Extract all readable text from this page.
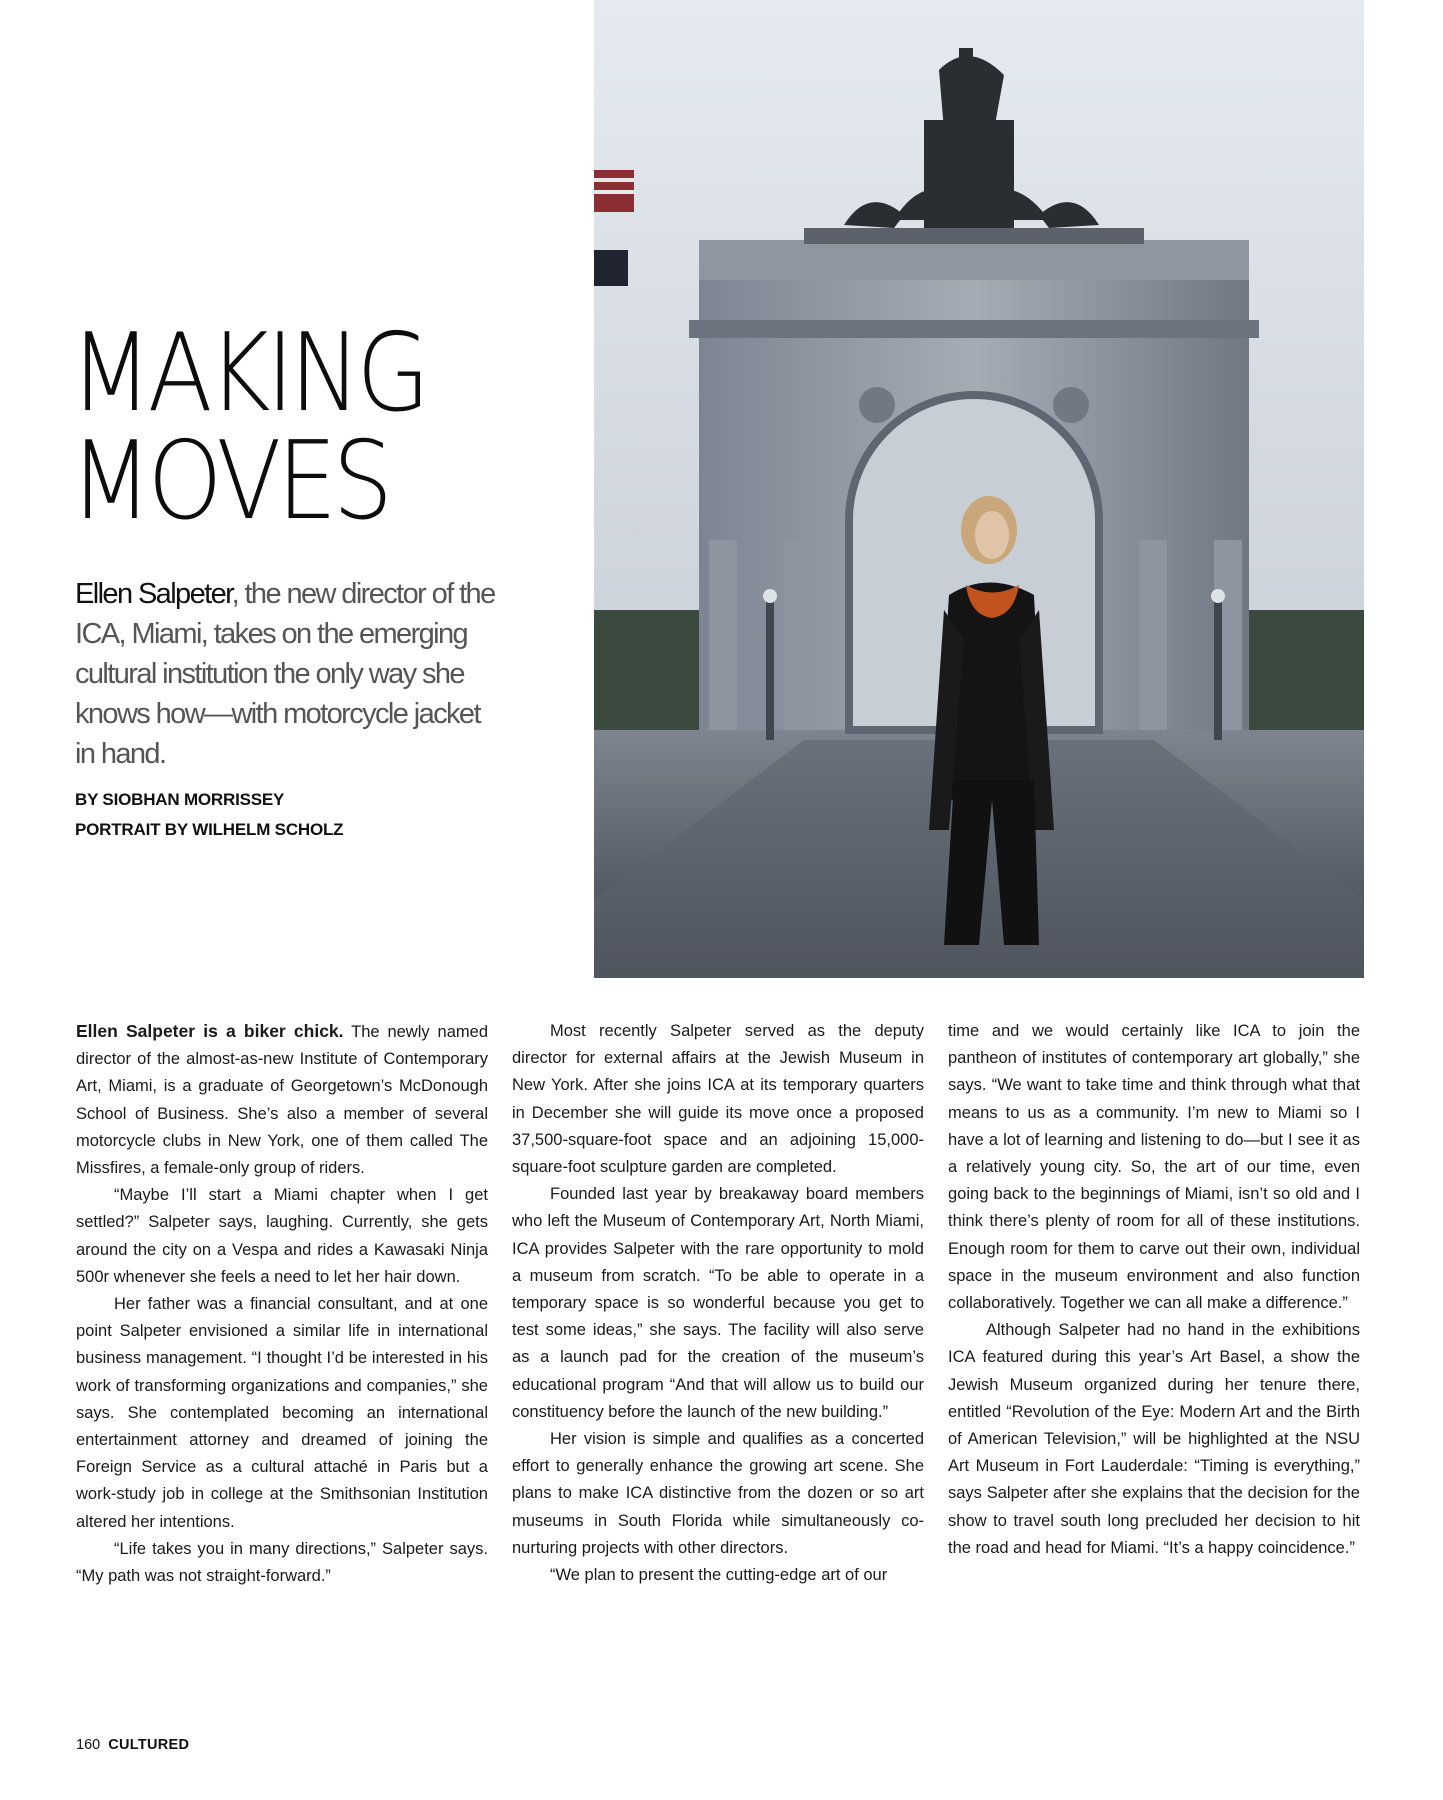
MAKING
MOVES

Ellen Salpeter, the new director of the ICA, Miami, takes on the emerging cultural institution the only way she knows how—with motorcycle jacket in hand.

BY SIOBHAN MORRISSEY
PORTRAIT BY WILHELM SCHOLZ

Ellen Salpeter is a biker chick. The newly named director of the almost-as-new Institute of Contemporary Art, Miami, is a graduate of Georgetown’s McDonough School of Business. She’s also a member of several motorcycle clubs in New York, one of them called The Missfires, a female-only group of riders.

“Maybe I’ll start a Miami chapter when I get settled?” Salpeter says, laughing. Currently, she gets around the city on a Vespa and rides a Kawasaki Ninja 500r whenever she feels a need to let her hair down.

Her father was a financial consultant, and at one point Salpeter envisioned a similar life in international business management. “I thought I’d be interested in his work of transforming organizations and companies,” she says. She contemplated becoming an international entertainment attorney and dreamed of joining the Foreign Service as a cultural attaché in Paris but a work-study job in college at the Smithsonian Institution altered her intentions.

“Life takes you in many directions,” Salpeter says. “My path was not straight-forward.”

Most recently Salpeter served as the deputy director for external affairs at the Jewish Museum in New York. After she joins ICA at its temporary quarters in December she will guide its move once a proposed 37,500-square-foot space and an adjoining 15,000-square-foot sculpture garden are completed.

Founded last year by breakaway board members who left the Museum of Contemporary Art, North Miami, ICA provides Salpeter with the rare opportunity to mold a museum from scratch. “To be able to operate in a temporary space is so wonderful because you get to test some ideas,” she says. The facility will also serve as a launch pad for the creation of the museum’s educational program “And that will allow us to build our constituency before the launch of the new building.”

Her vision is simple and qualifies as a concerted effort to generally enhance the growing art scene. She plans to make ICA distinctive from the dozen or so art museums in South Florida while simultaneously co-nurturing projects with other directors.

“We plan to present the cutting-edge art of our

time and we would certainly like ICA to join the pantheon of institutes of contemporary art globally,” she says. “We want to take time and think through what that means to us as a community. I’m new to Miami so I have a lot of learning and listening to do—but I see it as a relatively young city. So, the art of our time, even going back to the beginnings of Miami, isn’t so old and I think there’s plenty of room for all of these institutions. Enough room for them to carve out their own, individual space in the museum environment and also function collaboratively. Together we can all make a difference.”

Although Salpeter had no hand in the exhibitions ICA featured during this year’s Art Basel, a show the Jewish Museum organized during her tenure there, entitled “Revolution of the Eye: Modern Art and the Birth of American Television,” will be highlighted at the NSU Art Museum in Fort Lauderdale: “Timing is everything,” says Salpeter after she explains that the decision for the show to travel south long precluded her decision to hit the road and head for Miami. “It’s a happy coincidence.”

160 CULTURED
